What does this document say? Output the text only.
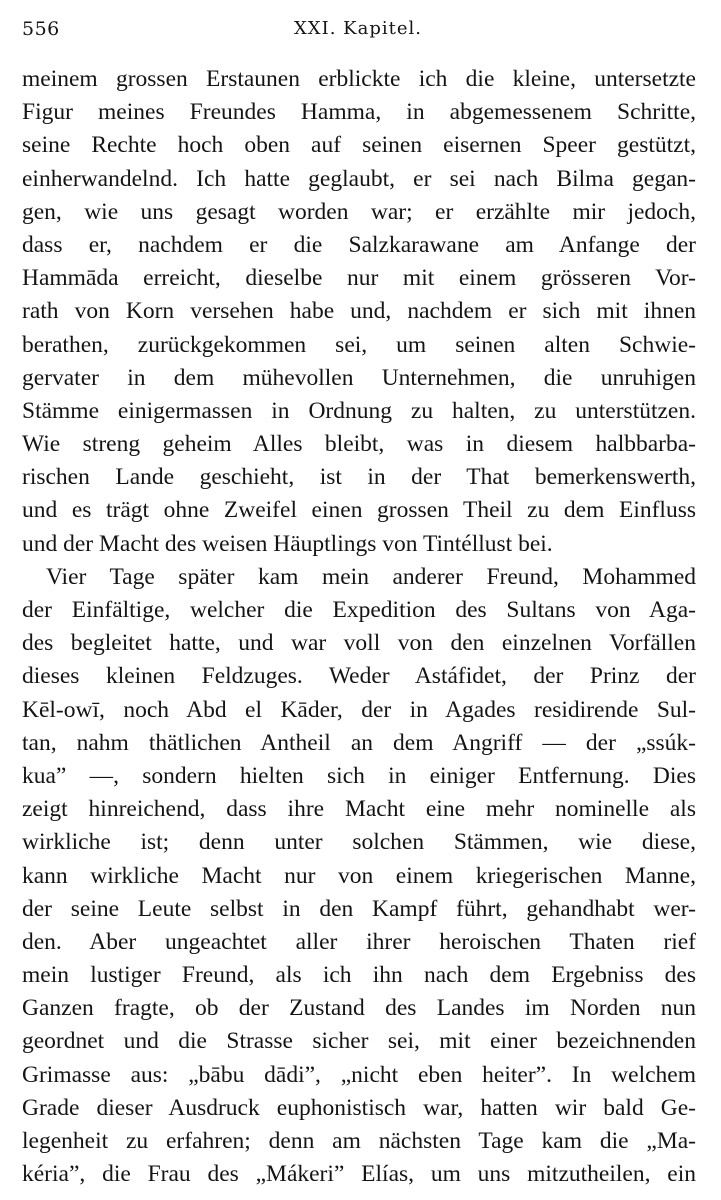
556	XXI. Kapitel.
meinem grossen Erstaunen erblickte ich die kleine, untersetzte
Figur meines Freundes Hamma, in abgemessenem Schritte,
seine Rechte hoch oben auf seinen eisernen Speer gestützt,
einherwandelnd. Ich hatte geglaubt, er sei nach Bilma gegan-
gen, wie uns gesagt worden war; er erzählte mir jedoch,
dass er, nachdem er die Salzkarawane am Anfange der
Hammāda erreicht, dieselbe nur mit einem grösseren Vor-
rath von Korn versehen habe und, nachdem er sich mit ihnen
berathen, zurückgekommen sei, um seinen alten Schwie-
gervater in dem mühevollen Unternehmen, die unruhigen
Stämme einigermassen in Ordnung zu halten, zu unterstützen.
Wie streng geheim Alles bleibt, was in diesem halbbarba-
rischen Lande geschieht, ist in der That bemerkenswerth,
und es trägt ohne Zweifel einen grossen Theil zu dem Einfluss
und der Macht des weisen Häuptlings von Tintéllust bei.
Vier Tage später kam mein anderer Freund, Mohammed
der Einfältige, welcher die Expedition des Sultans von Aga-
des begleitet hatte, und war voll von den einzelnen Vorfällen
dieses kleinen Feldzuges. Weder Astáfidet, der Prinz der
Kēl-owī, noch Abd el Kāder, der in Agades residirende Sul-
tan, nahm thätlichen Antheil an dem Angriff — der „ssúk-
kua” —, sondern hielten sich in einiger Entfernung. Dies
zeigt hinreichend, dass ihre Macht eine mehr nominelle als
wirkliche ist; denn unter solchen Stämmen, wie diese,
kann wirkliche Macht nur von einem kriegerischen Manne,
der seine Leute selbst in den Kampf führt, gehandhabt wer-
den. Aber ungeachtet aller ihrer heroischen Thaten rief
mein lustiger Freund, als ich ihn nach dem Ergebniss des
Ganzen fragte, ob der Zustand des Landes im Norden nun
geordnet und die Strasse sicher sei, mit einer bezeichnenden
Grimasse aus: „bābu dādi”, „nicht eben heiter”. In welchem
Grade dieser Ausdruck euphonistisch war, hatten wir bald Ge-
legenheit zu erfahren; denn am nächsten Tage kam die „Ma-
kéria”, die Frau des „Mákeri” Elías, um uns mitzutheilen, ein
